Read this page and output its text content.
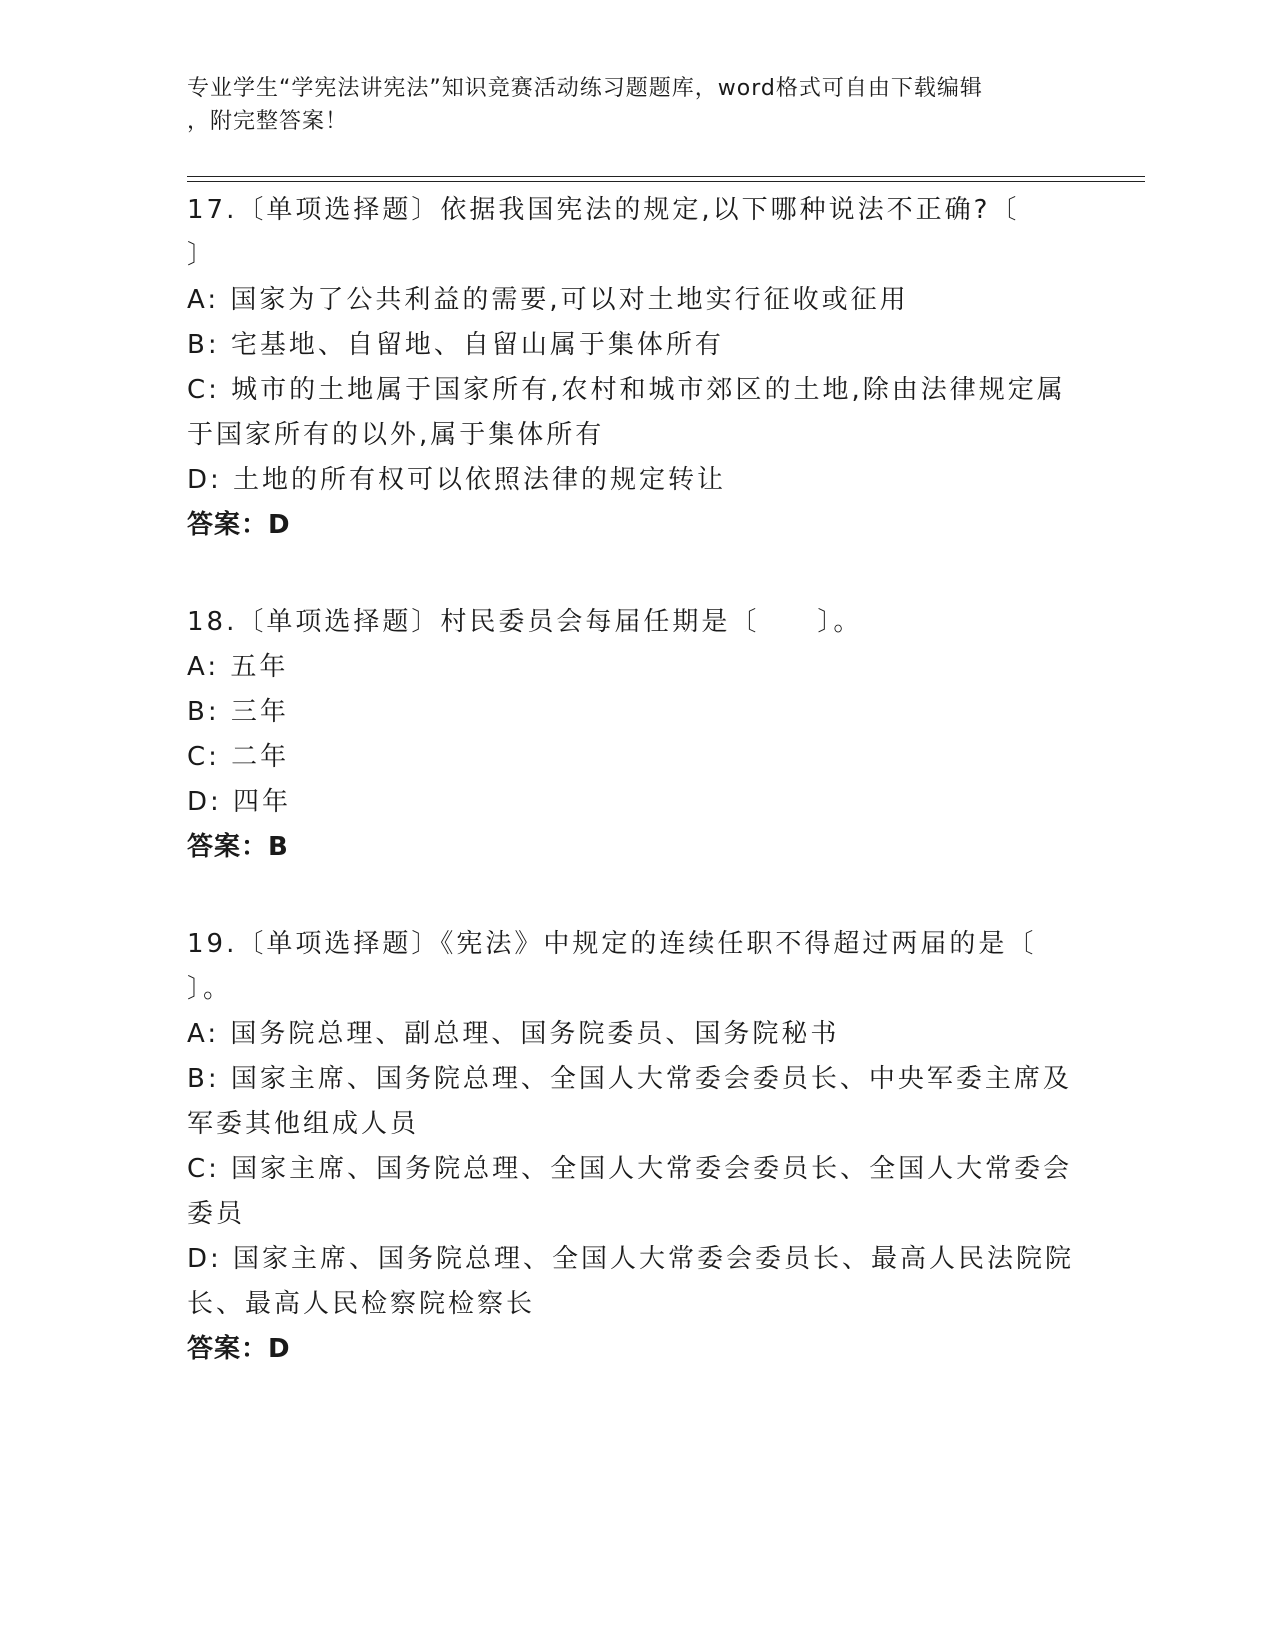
专业学生“学宪法讲宪法”知识竞赛活动练习题题库，word格式可自由下载编辑
，附完整答案！
17.〔单项选择题〕依据我国宪法的规定,以下哪种说法不正确?〔
〕
A: 国家为了公共利益的需要,可以对土地实行征收或征用
B: 宅基地、自留地、自留山属于集体所有
C: 城市的土地属于国家所有,农村和城市郊区的土地,除由法律规定属
于国家所有的以外,属于集体所有
D: 土地的所有权可以依照法律的规定转让
答案：D
18.〔单项选择题〕村民委员会每届任期是〔　　〕。
A: 五年
B: 三年
C: 二年
D: 四年
答案：B
19.〔单项选择题〕《宪法》中规定的连续任职不得超过两届的是〔
〕。
A: 国务院总理、副总理、国务院委员、国务院秘书
B: 国家主席、国务院总理、全国人大常委会委员长、中央军委主席及
军委其他组成人员
C: 国家主席、国务院总理、全国人大常委会委员长、全国人大常委会
委员
D: 国家主席、国务院总理、全国人大常委会委员长、最高人民法院院
长、最高人民检察院检察长
答案：D
